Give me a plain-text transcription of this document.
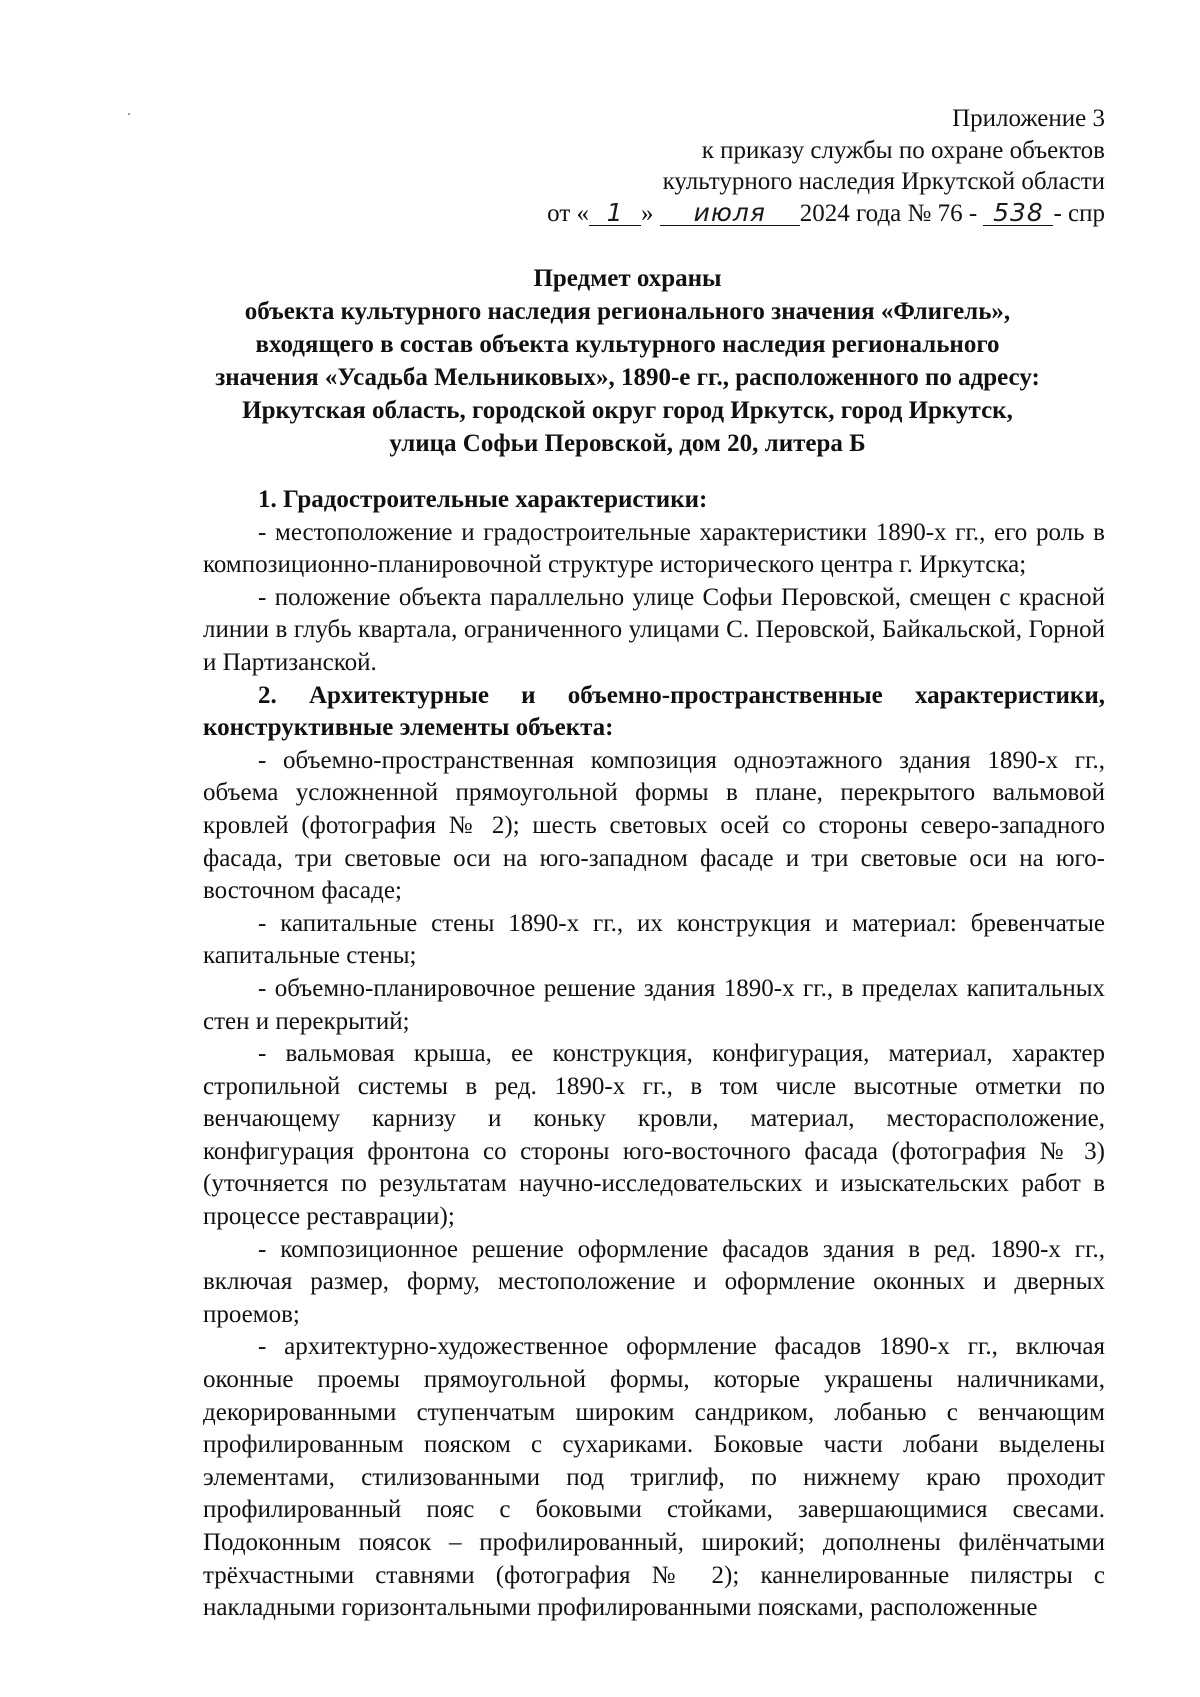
Приложение 3
к приказу службы по охране объектов
культурного наследия Иркутской области
от « 1 » июля 2024 года № 76 - 538 - спр
Предмет охраны
объекта культурного наследия регионального значения «Флигель»,
входящего в состав объекта культурного наследия регионального
значения «Усадьба Мельниковых», 1890-е гг., расположенного по адресу:
Иркутская область, городской округ город Иркутск, город Иркутск,
улица Софьи Перовской, дом 20, литера Б
1. Градостроительные характеристики:

- местоположение и градостроительные характеристики 1890-х гг., его роль в композиционно-планировочной структуре исторического центра г. Иркутска;

- положение объекта параллельно улице Софьи Перовской, смещен с красной линии в глубь квартала, ограниченного улицами С. Перовской, Байкальской, Горной и Партизанской.

2. Архитектурные и объемно-пространственные характеристики, конструктивные элементы объекта:

- объемно-пространственная композиция одноэтажного здания 1890-х гг., объема усложненной прямоугольной формы в плане, перекрытого вальмовой кровлей (фотография № 2); шесть световых осей со стороны северо-западного фасада, три световые оси на юго-западном фасаде и три световые оси на юго-восточном фасаде;

- капитальные стены 1890-х гг., их конструкция и материал: бревенчатые капитальные стены;

- объемно-планировочное решение здания 1890-х гг., в пределах капитальных стен и перекрытий;

- вальмовая крыша, ее конструкция, конфигурация, материал, характер стропильной системы в ред. 1890-х гг., в том числе высотные отметки по венчающему карнизу и коньку кровли, материал, месторасположение, конфигурация фронтона со стороны юго-восточного фасада (фотография № 3) (уточняется по результатам научно-исследовательских и изыскательских работ в процессе реставрации);

- композиционное решение оформление фасадов здания в ред. 1890-х гг., включая размер, форму, местоположение и оформление оконных и дверных проемов;

- архитектурно-художественное оформление фасадов 1890-х гг., включая оконные проемы прямоугольной формы, которые украшены наличниками, декорированными ступенчатым широким сандриком, лобанью с венчающим профилированным пояском с сухариками. Боковые части лобани выделены элементами, стилизованными под триглиф, по нижнему краю проходит профилированный пояс с боковыми стойками, завершающимися свесами. Подоконным поясок – профилированный, широкий; дополнены филёнчатыми трёхчастными ставнями (фотография № 2); каннелированные пилястры с накладными горизонтальными профилированными поясками, расположенные
